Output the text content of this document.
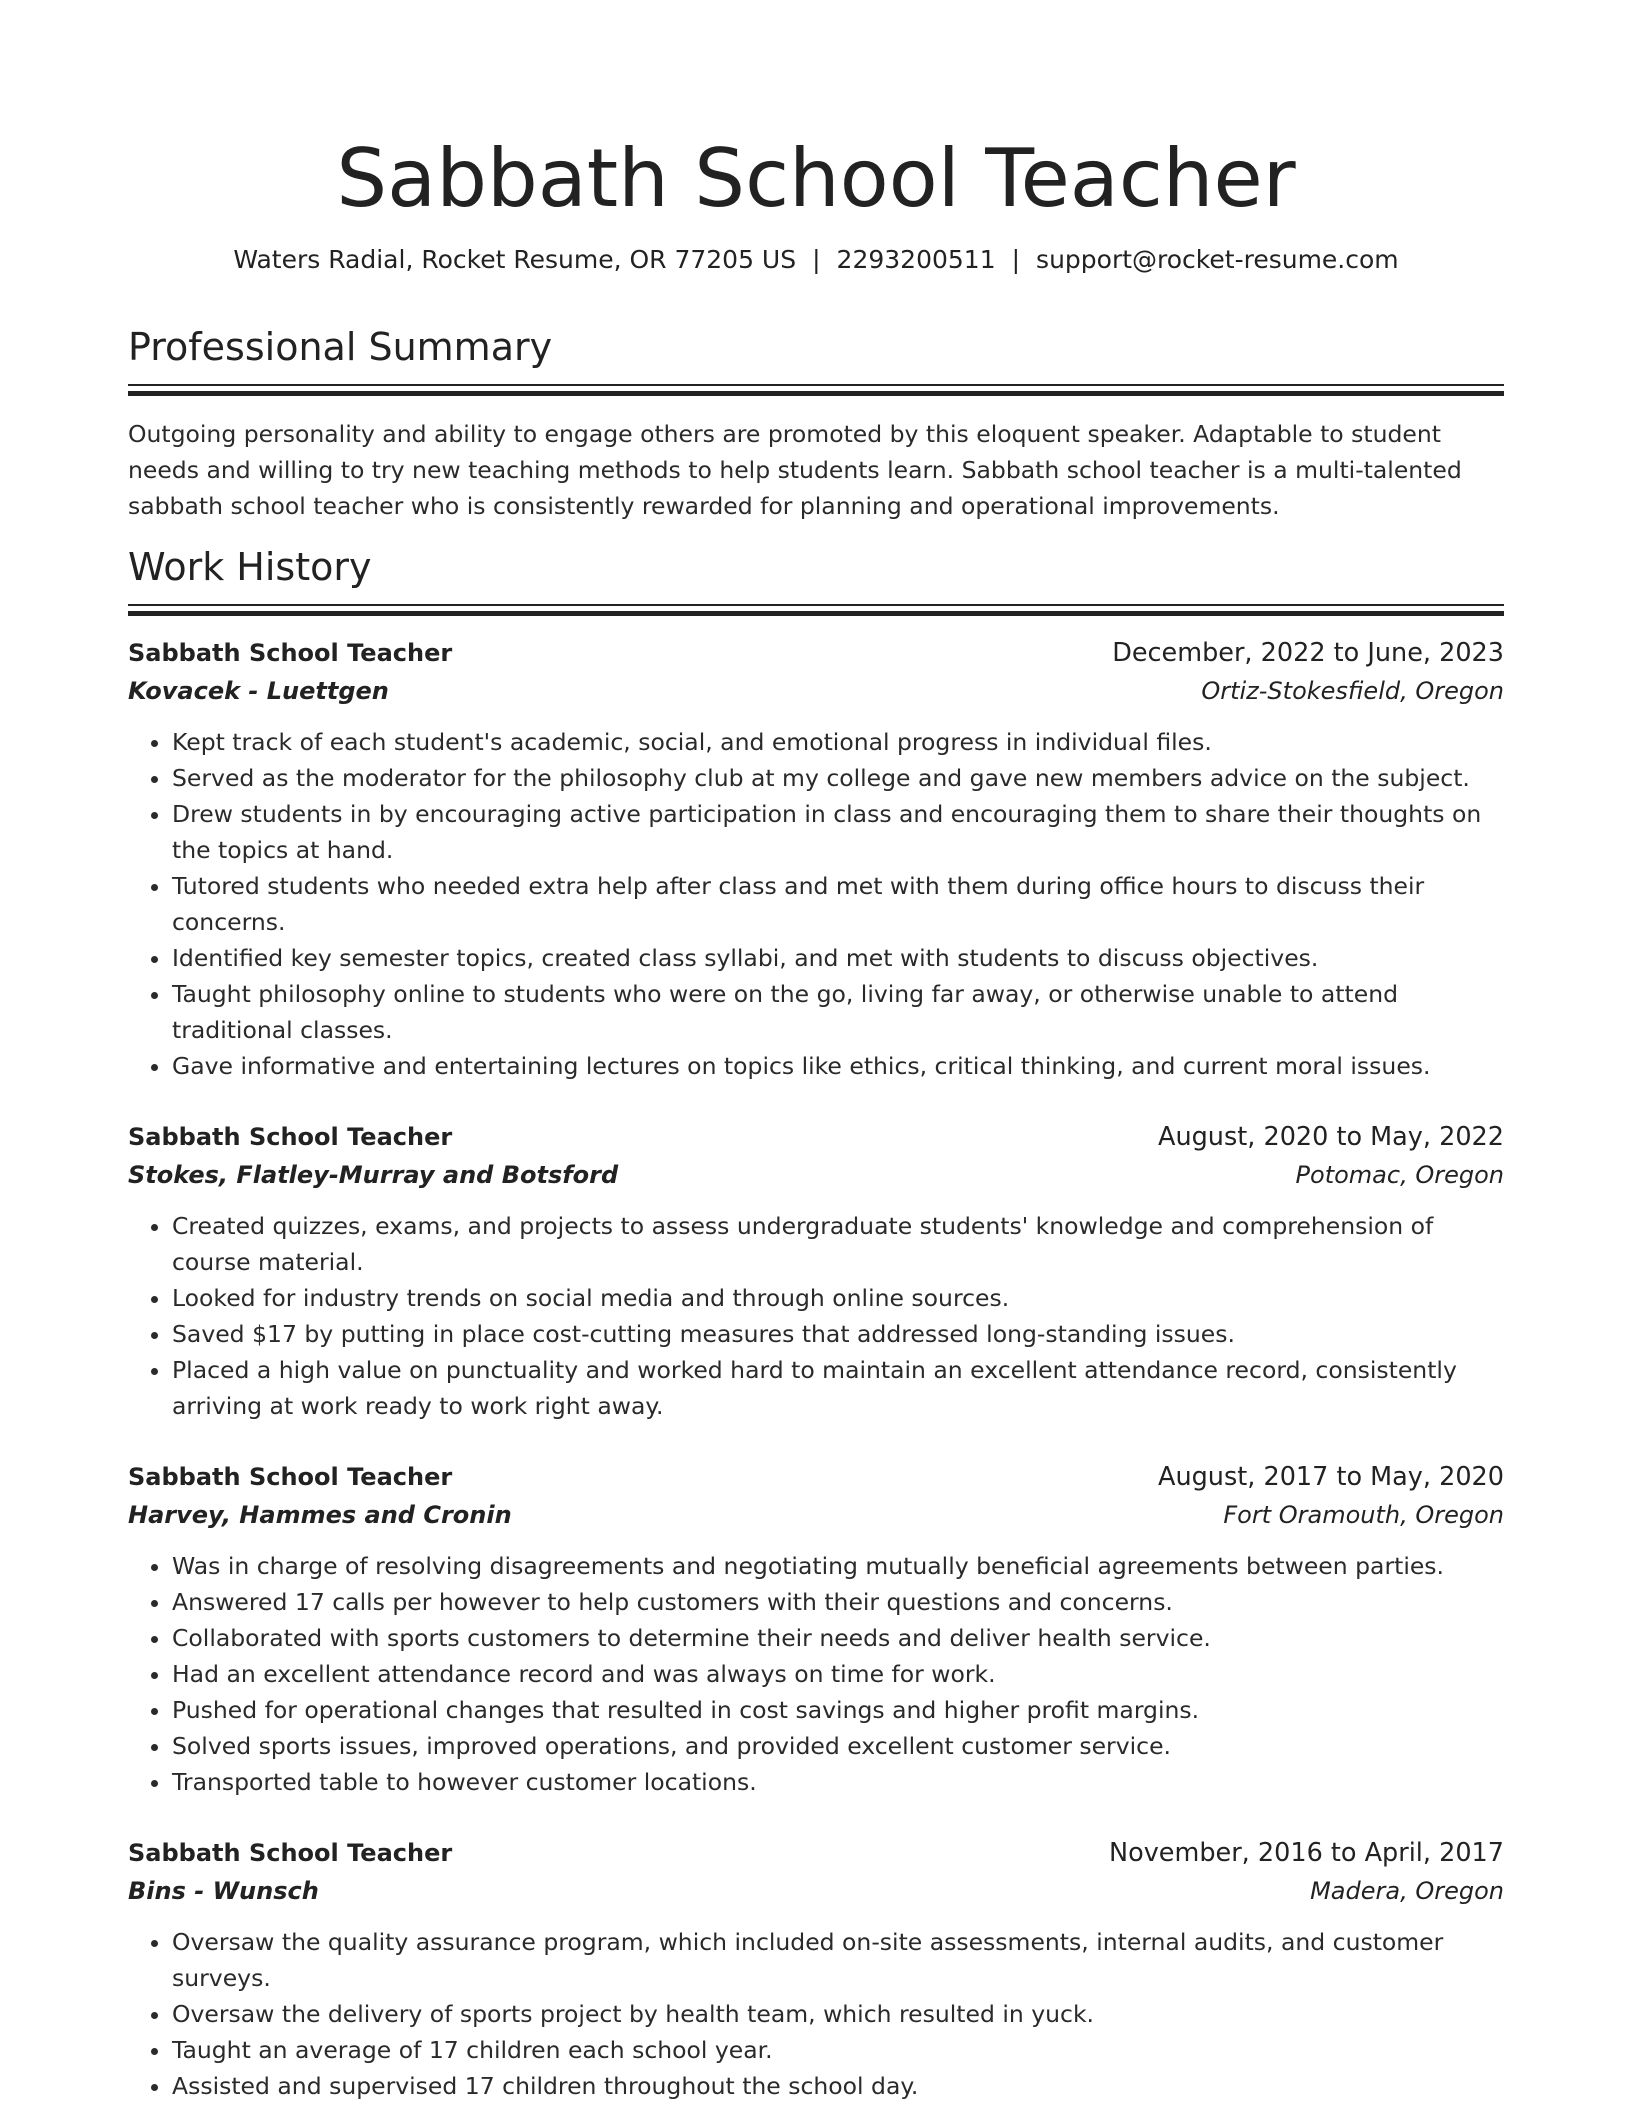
Sabbath School Teacher
Waters Radial, Rocket Resume, OR 77205 US | 2293200511 | support@rocket-resume.com
Professional Summary
Outgoing personality and ability to engage others are promoted by this eloquent speaker. Adaptable to student needs and willing to try new teaching methods to help students learn. Sabbath school teacher is a multi-talented sabbath school teacher who is consistently rewarded for planning and operational improvements.
Work History
Sabbath School Teacher	December, 2022 to June, 2023
Kovacek - Luettgen	Ortiz-Stokesfield, Oregon
• Kept track of each student's academic, social, and emotional progress in individual files.
• Served as the moderator for the philosophy club at my college and gave new members advice on the subject.
• Drew students in by encouraging active participation in class and encouraging them to share their thoughts on the topics at hand.
• Tutored students who needed extra help after class and met with them during office hours to discuss their concerns.
• Identified key semester topics, created class syllabi, and met with students to discuss objectives.
• Taught philosophy online to students who were on the go, living far away, or otherwise unable to attend traditional classes.
• Gave informative and entertaining lectures on topics like ethics, critical thinking, and current moral issues.
Sabbath School Teacher	August, 2020 to May, 2022
Stokes, Flatley-Murray and Botsford	Potomac, Oregon
• Created quizzes, exams, and projects to assess undergraduate students' knowledge and comprehension of course material.
• Looked for industry trends on social media and through online sources.
• Saved $17 by putting in place cost-cutting measures that addressed long-standing issues.
• Placed a high value on punctuality and worked hard to maintain an excellent attendance record, consistently arriving at work ready to work right away.
Sabbath School Teacher	August, 2017 to May, 2020
Harvey, Hammes and Cronin	Fort Oramouth, Oregon
• Was in charge of resolving disagreements and negotiating mutually beneficial agreements between parties.
• Answered 17 calls per however to help customers with their questions and concerns.
• Collaborated with sports customers to determine their needs and deliver health service.
• Had an excellent attendance record and was always on time for work.
• Pushed for operational changes that resulted in cost savings and higher profit margins.
• Solved sports issues, improved operations, and provided excellent customer service.
• Transported table to however customer locations.
Sabbath School Teacher	November, 2016 to April, 2017
Bins - Wunsch	Madera, Oregon
• Oversaw the quality assurance program, which included on-site assessments, internal audits, and customer surveys.
• Oversaw the delivery of sports project by health team, which resulted in yuck.
• Taught an average of 17 children each school year.
• Assisted and supervised 17 children throughout the school day.
